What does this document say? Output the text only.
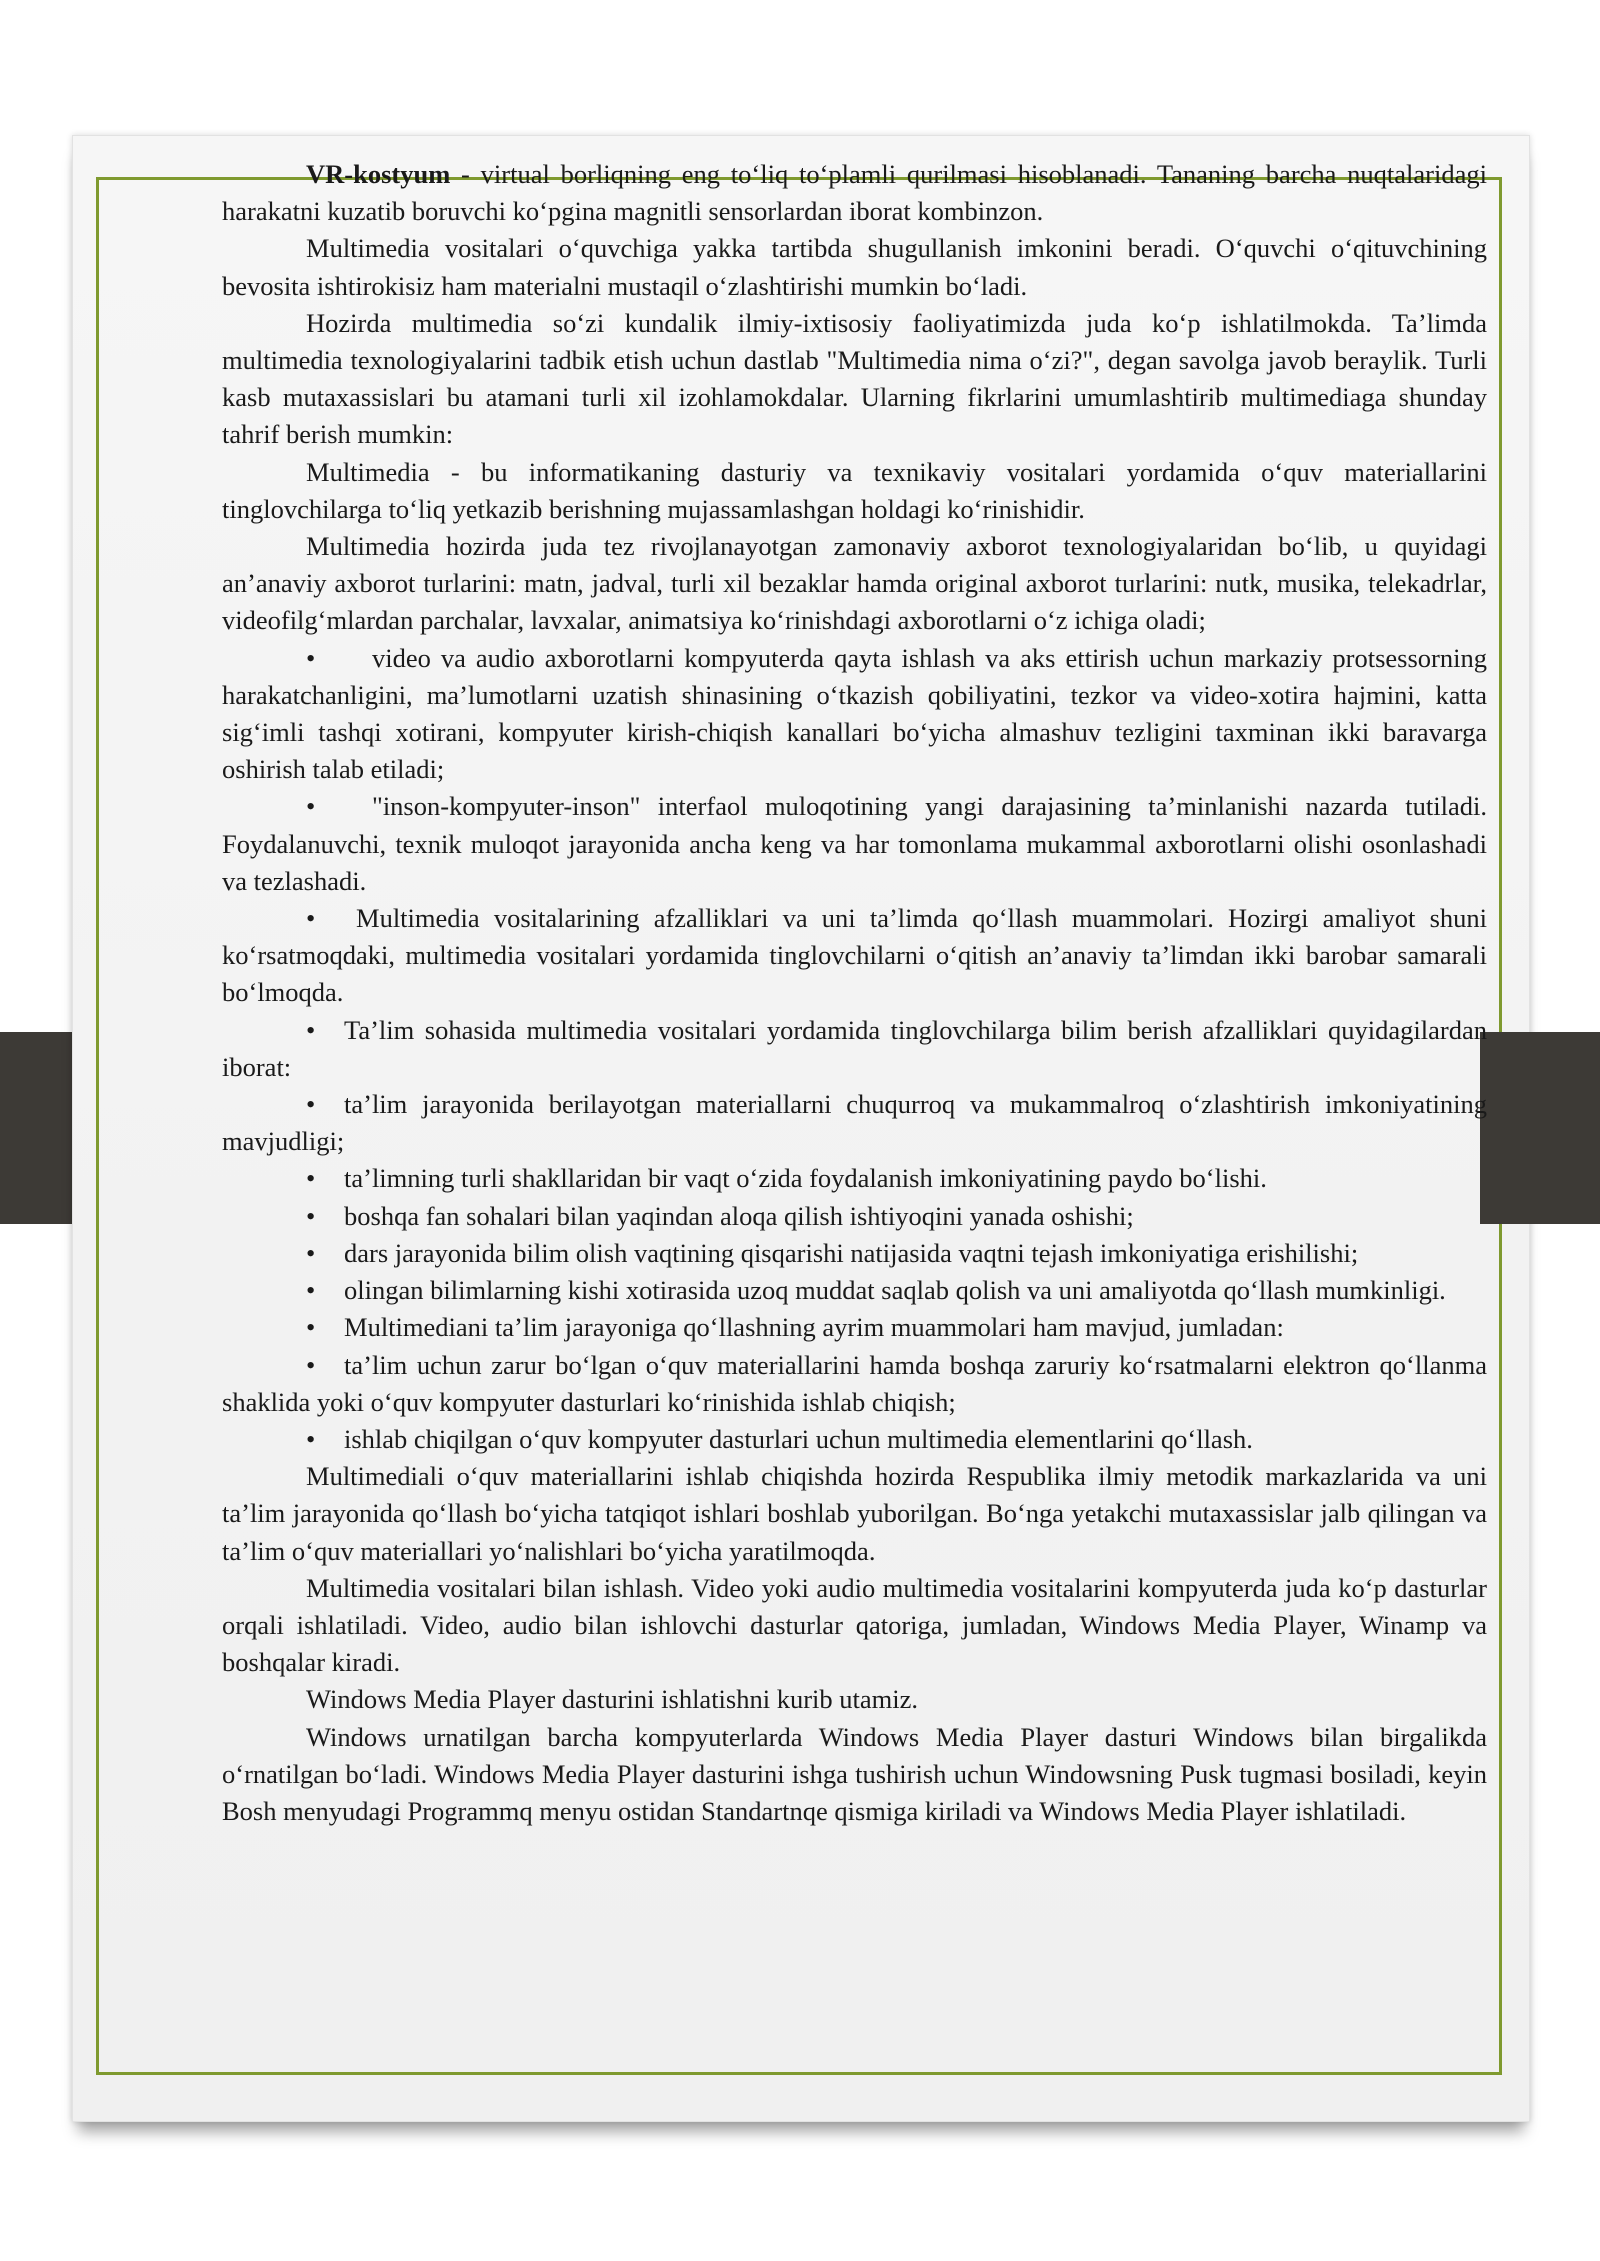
VR-kostyum - virtual borliqning eng to‘liq to‘plamli qurilmasi hisoblanadi. Tananing barcha nuqtalaridagi harakatni kuzatib boruvchi ko‘pgina magnitli sensorlardan iborat kombinzon.

Multimedia vositalari o‘quvchiga yakka tartibda shugullanish imkonini beradi. O‘quvchi o‘qituvchining bevosita ishtirokisiz ham materialni mustaqil o‘zlashtirishi mumkin bo‘ladi.

Hozirda multimedia so‘zi kundalik ilmiy-ixtisosiy faoliyatimizda juda ko‘p ishlatilmokda. Ta’limda multimedia texnologiyalarini tadbik etish uchun dastlab "Multimedia nima o‘zi?", degan savolga javob beraylik. Turli kasb mutaxassislari bu atamani turli xil izohlamokdalar. Ularning fikrlarini umumlashtirib multimediaga shunday tahrif berish mumkin:

Multimedia - bu informatikaning dasturiy va texnikaviy vositalari yordamida o‘quv materiallarini tinglovchilarga to‘liq yetkazib berishning mujassamlashgan holdagi ko‘rinishidir.

Multimedia hozirda juda tez rivojlanayotgan zamonaviy axborot texnologiyalaridan bo‘lib, u quyidagi an’anaviy axborot turlarini: matn, jadval, turli xil bezaklar hamda original axborot turlarini: nutk, musika, telekadrlar, videofilg‘mlardan parchalar, lavxalar, animatsiya ko‘rinishdagi axborotlarni o‘z ichiga oladi;

• video va audio axborotlarni kompyuterda qayta ishlash va aks ettirish uchun markaziy protsessorning harakatchanligini, ma’lumotlarni uzatish shinasining o‘tkazish qobiliyatini, tezkor va video-xotira hajmini, katta sig‘imli tashqi xotirani, kompyuter kirish-chiqish kanallari bo‘yicha almashuv tezligini taxminan ikki baravarga oshirish talab etiladi;

• "inson-kompyuter-inson" interfaol muloqotining yangi darajasining ta’minlanishi nazarda tutiladi. Foydalanuvchi, texnik muloqot jarayonida ancha keng va har tomonlama mukammal axborotlarni olishi osonlashadi va tezlashadi.

• Multimedia vositalarining afzalliklari va uni ta’limda qo‘llash muammolari. Hozirgi amaliyot shuni ko‘rsatmoqdaki, multimedia vositalari yordamida tinglovchilarni o‘qitish an’anaviy ta’limdan ikki barobar samarali bo‘lmoqda.

• Ta’lim sohasida multimedia vositalari yordamida tinglovchilarga bilim berish afzalliklari quyidagilardan iborat:

• ta’lim jarayonida berilayotgan materiallarni chuqurroq va mukammalroq o‘zlashtirish imkoniyatining mavjudligi;

• ta’limning turli shakllaridan bir vaqt o‘zida foydalanish imkoniyatining paydo bo‘lishi.

• boshqa fan sohalari bilan yaqindan aloqa qilish ishtiyoqini yanada oshishi;

• dars jarayonida bilim olish vaqtining qisqarishi natijasida vaqtni tejash imkoniyatiga erishilishi;

• olingan bilimlarning kishi xotirasida uzoq muddat saqlab qolish va uni amaliyotda qo‘llash mumkinligi.

• Multimediani ta’lim jarayoniga qo‘llashning ayrim muammolari ham mavjud, jumladan:

• ta’lim uchun zarur bo‘lgan o‘quv materiallarini hamda boshqa zaruriy ko‘rsatmalarni elektron qo‘llanma shaklida yoki o‘quv kompyuter dasturlari ko‘rinishida ishlab chiqish;

• ishlab chiqilgan o‘quv kompyuter dasturlari uchun multimedia elementlarini qo‘llash.

Multimediali o‘quv materiallarini ishlab chiqishda hozirda Respublika ilmiy metodik markazlarida va uni ta’lim jarayonida qo‘llash bo‘yicha tatqiqot ishlari boshlab yuborilgan. Bo‘nga yetakchi mutaxassislar jalb qilingan va ta’lim o‘quv materiallari yo‘nalishlari bo‘yicha yaratilmoqda.

Multimedia vositalari bilan ishlash. Video yoki audio multimedia vositalarini kompyuterda juda ko‘p dasturlar orqali ishlatiladi. Video, audio bilan ishlovchi dasturlar qatoriga, jumladan, Windows Media Player, Winamp va boshqalar kiradi.

Windows Media Player dasturini ishlatishni kurib utamiz.

Windows urnatilgan barcha kompyuterlarda Windows Media Player dasturi Windows bilan birgalikda o‘rnatilgan bo‘ladi. Windows Media Player dasturini ishga tushirish uchun Windowsning Pusk tugmasi bosiladi, keyin Bosh menyudagi Programmq menyu ostidan Standartnqe qismiga kiriladi va Windows Media Player ishlatiladi.
